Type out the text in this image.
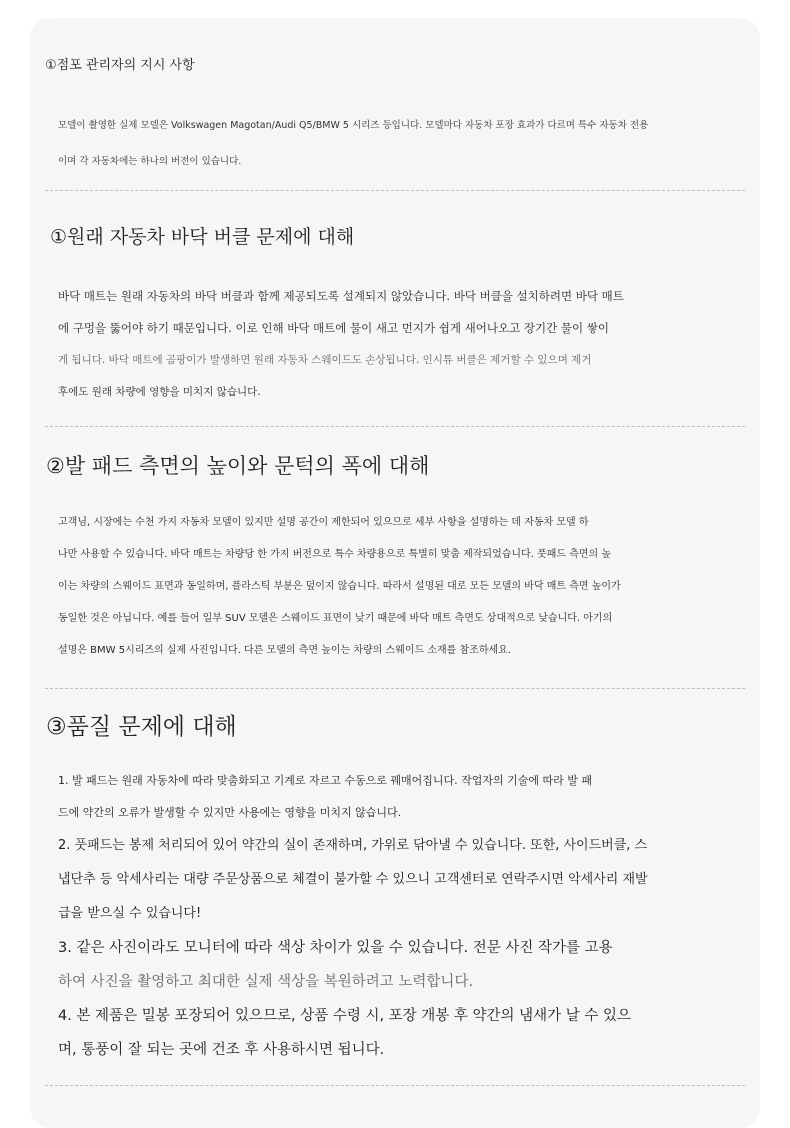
①점포 관리자의 지시 사항
모델이 촬영한 실제 모델은 Volkswagen Magotan/Audi Q5/BMW 5 시리즈 등입니다. 모델마다 자동차 포장 효과가 다르며 특수 자동차 전용
이며 각 자동차에는 하나의 버전이 있습니다.
①원래 자동차 바닥 버클 문제에 대해
바닥 매트는 원래 자동차의 바닥 버클과 함께 제공되도록 설계되지 않았습니다. 바닥 버클을 설치하려면 바닥 매트
에 구멍을 뚫어야 하기 때문입니다. 이로 인해 바닥 매트에 물이 새고 먼지가 쉽게 새어나오고 장기간 물이 쌓이
게 됩니다. 바닥 매트에 곰팡이가 발생하면 원래 자동차 스웨이드도 손상됩니다. 인시튜 버클은 제거할 수 있으며 제거
후에도 원래 차량에 영향을 미치지 않습니다.
②발 패드 측면의 높이와 문턱의 폭에 대해
고객님, 시장에는 수천 가지 자동차 모델이 있지만 설명 공간이 제한되어 있으므로 세부 사항을 설명하는 데 자동차 모델 하
나만 사용할 수 있습니다. 바닥 매트는 차량당 한 가지 버전으로 특수 차량용으로 특별히 맞춤 제작되었습니다. 풋패드 측면의 높
이는 차량의 스웨이드 표면과 동일하며, 플라스틱 부분은 덮이지 않습니다. 따라서 설명된 대로 모든 모델의 바닥 매트 측면 높이가
동일한 것은 아닙니다. 예를 들어 일부 SUV 모델은 스웨이드 표면이 낮기 때문에 바닥 매트 측면도 상대적으로 낮습니다. 아기의
설명은 BMW 5시리즈의 실제 사진입니다. 다른 모델의 측면 높이는 차량의 스웨이드 소재를 참조하세요.
③품질 문제에 대해
1. 발 패드는 원래 자동차에 따라 맞춤화되고 기계로 자르고 수동으로 꿰매어집니다. 작업자의 기술에 따라 발 패
드에 약간의 오류가 발생할 수 있지만 사용에는 영향을 미치지 않습니다.
2. 풋패드는 봉제 처리되어 있어 약간의 실이 존재하며, 가위로 닦아낼 수 있습니다. 또한, 사이드버클, 스
냅단추 등 악세사리는 대량 주문상품으로 체결이 불가할 수 있으니 고객센터로 연락주시면 악세사리 재발
급을 받으실 수 있습니다!
3. 같은 사진이라도 모니터에 따라 색상 차이가 있을 수 있습니다. 전문 사진 작가를 고용
하여 사진을 촬영하고 최대한 실제 색상을 복원하려고 노력합니다.
4. 본 제품은 밀봉 포장되어 있으므로, 상품 수령 시, 포장 개봉 후 약간의 냄새가 날 수 있으
며, 통풍이 잘 되는 곳에 건조 후 사용하시면 됩니다.
